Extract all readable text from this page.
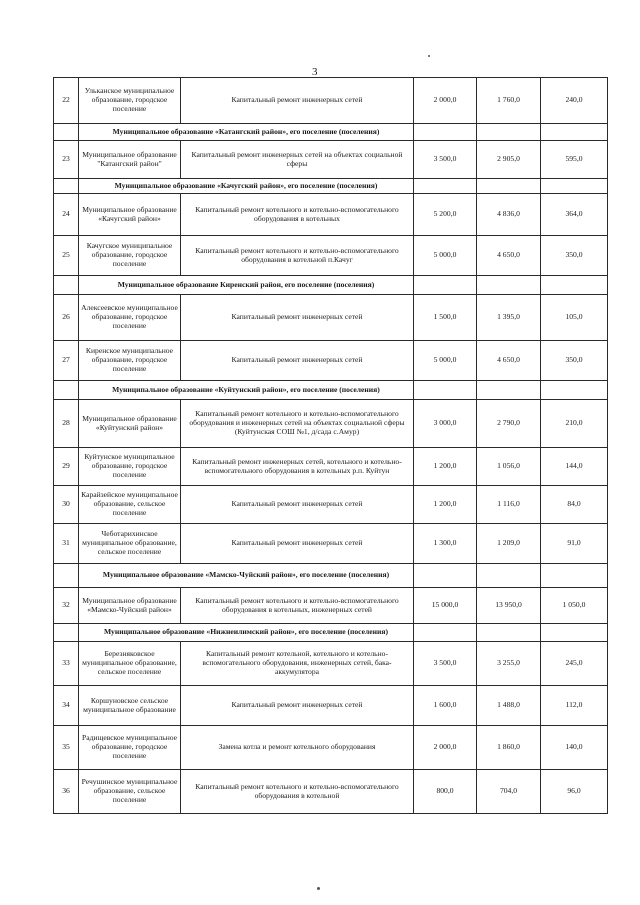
3
22	Ульканское муниципальное образование, городское поселение	Капитальный ремонт инженерных сетей	2 000,0	1 760,0	240,0
	Муниципальное образование «Катангский район», его поселение (поселения)				
23	Муниципальное образование "Катангский район"	Капитальный ремонт инженерных сетей на объектах социальной сферы	3 500,0	2 905,0	595,0
	Муниципальное образование «Качугский район», его поселение (поселения)				
24	Муниципальное образование «Качугский район»	Капитальный ремонт котельного и котельно-вспомогательного оборудования в котельных	5 200,0	4 836,0	364,0
25	Качугское муниципальное образование, городское поселение	Капитальный ремонт котельного и котельно-вспомогательного оборудования в котельной п.Качуг	5 000,0	4 650,0	350,0
	Муниципальное образование Киренский район, его поселение (поселения)				
26	Алексеевское муниципальное образование, городское поселение	Капитальный ремонт инженерных сетей	1 500,0	1 395,0	105,0
27	Киренское муниципальное образование, городское поселение	Капитальный ремонт инженерных сетей	5 000,0	4 650,0	350,0
	Муниципальное образование «Куйтунский район», его поселение (поселения)				
28	Муниципальное образование «Куйтунский район»	Капитальный ремонт котельного и котельно-вспомогательного оборудования и инженерных сетей на объектах социальной сферы (Куйтунская СОШ №1, д/сада с.Амур)	3 000,0	2 790,0	210,0
29	Куйтунское муниципальное образование, городское поселение	Капитальный ремонт инженерных сетей, котельного и котельно-вспомогательного оборудования в котельных р.п. Куйтун	1 200,0	1 056,0	144,0
30	Карайзейское муниципальное образование, сельское поселение	Капитальный ремонт инженерных сетей	1 200,0	1 116,0	84,0
31	Чеботарихинское муниципальное образование, сельское поселение	Капитальный ремонт инженерных сетей	1 300,0	1 209,0	91,0
	Муниципальное образование «Мамско-Чуйский район», его поселение (поселения)				
32	Муниципальное образование «Мамско-Чуйский район»	Капитальный ремонт котельного и котельно-вспомогательного оборудования в котельных, инженерных сетей	15 000,0	13 950,0	1 050,0
	Муниципальное образование «Нижнеилимский район», его поселение (поселения)				
33	Березняковское муниципальное образование, сельское поселение	Капитальный ремонт котельной, котельного и котельно-вспомогательного оборудования, инженерных сетей, бака-аккумулятора	3 500,0	3 255,0	245,0
34	Коршуновское сельское муниципальное образование	Капитальный ремонт инженерных сетей	1 600,0	1 488,0	112,0
35	Радищевское муниципальное образование, городское поселение	Замена котла и ремонт котельного оборудования	2 000,0	1 860,0	140,0
36	Речушинское муниципальное образование, сельское поселение	Капитальный ремонт котельного и котельно-вспомогательного оборудования в котельной	800,0	704,0	96,0
